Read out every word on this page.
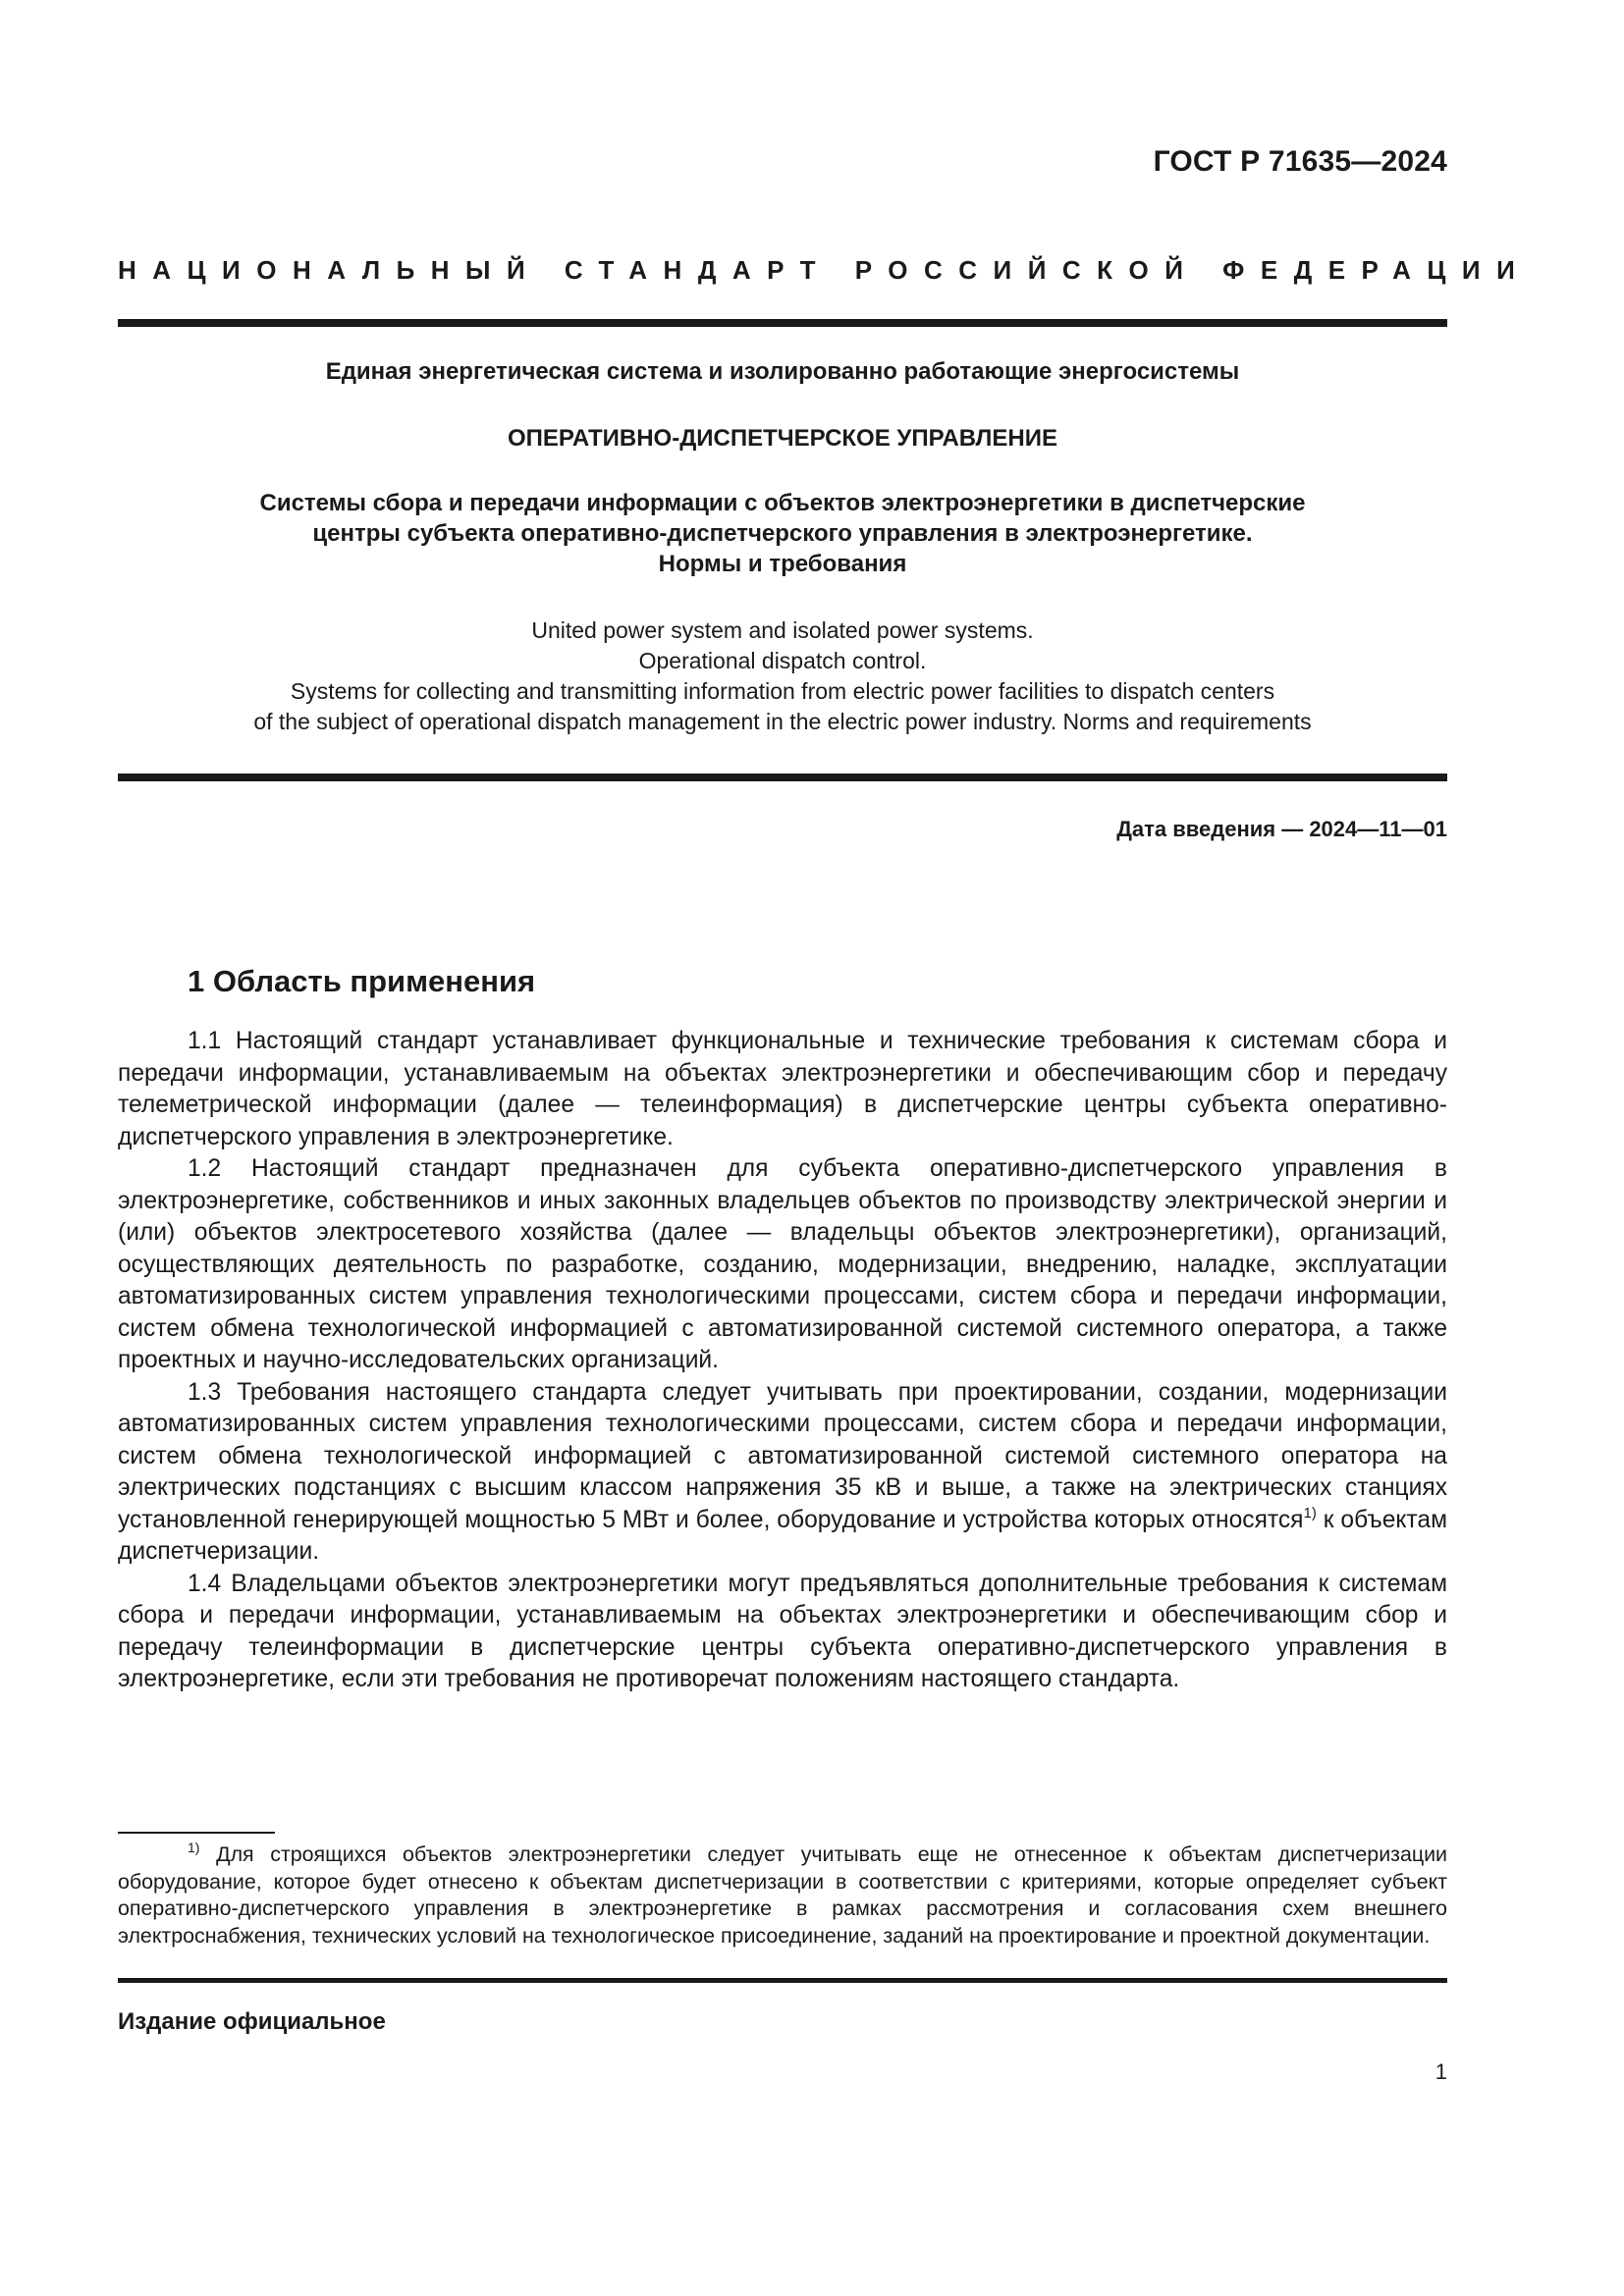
ГОСТ Р 71635—2024
НАЦИОНАЛЬНЫЙ СТАНДАРТ РОССИЙСКОЙ ФЕДЕРАЦИИ
Единая энергетическая система и изолированно работающие энергосистемы
ОПЕРАТИВНО-ДИСПЕТЧЕРСКОЕ УПРАВЛЕНИЕ
Системы сбора и передачи информации с объектов электроэнергетики в диспетчерские
центры субъекта оперативно-диспетчерского управления в электроэнергетике.
Нормы и требования
United power system and isolated power systems.
Operational dispatch control.
Systems for collecting and transmitting information from electric power facilities to dispatch centers
of the subject of operational dispatch management in the electric power industry. Norms and requirements
Дата введения — 2024—11—01
1 Область применения

1.1 Настоящий стандарт устанавливает функциональные и технические требования к системам сбора и передачи информации, устанавливаемым на объектах электроэнергетики и обеспечивающим сбор и передачу телеметрической информации (далее — телеинформация) в диспетчерские центры субъекта оперативно-диспетчерского управления в электроэнергетике.

1.2 Настоящий стандарт предназначен для субъекта оперативно-диспетчерского управления в электроэнергетике, собственников и иных законных владельцев объектов по производству электрической энергии и (или) объектов электросетевого хозяйства (далее — владельцы объектов электроэнергетики), организаций, осуществляющих деятельность по разработке, созданию, модернизации, внедрению, наладке, эксплуатации автоматизированных систем управления технологическими процессами, систем сбора и передачи информации, систем обмена технологической информацией с автоматизированной системой системного оператора, а также проектных и научно-исследовательских организаций.

1.3 Требования настоящего стандарта следует учитывать при проектировании, создании, модернизации автоматизированных систем управления технологическими процессами, систем сбора и передачи информации, систем обмена технологической информацией с автоматизированной системой системного оператора на электрических подстанциях с высшим классом напряжения 35 кВ и выше, а также на электрических станциях установленной генерирующей мощностью 5 МВт и более, оборудование и устройства которых относятся$^{1)}$ к объектам диспетчеризации.

1.4 Владельцами объектов электроэнергетики могут предъявляться дополнительные требования к системам сбора и передачи информации, устанавливаемым на объектах электроэнергетики и обеспечивающим сбор и передачу телеинформации в диспетчерские центры субъекта оперативно-диспетчерского управления в электроэнергетике, если эти требования не противоречат положениям настоящего стандарта.

$^{1)}$ Для строящихся объектов электроэнергетики следует учитывать еще не отнесенное к объектам диспетчеризации оборудование, которое будет отнесено к объектам диспетчеризации в соответствии с критериями, которые определяет субъект оперативно-диспетчерского управления в электроэнергетике в рамках рассмотрения и согласования схем внешнего электроснабжения, технических условий на технологическое присоединение, заданий на проектирование и проектной документации.

Издание официальное
1
